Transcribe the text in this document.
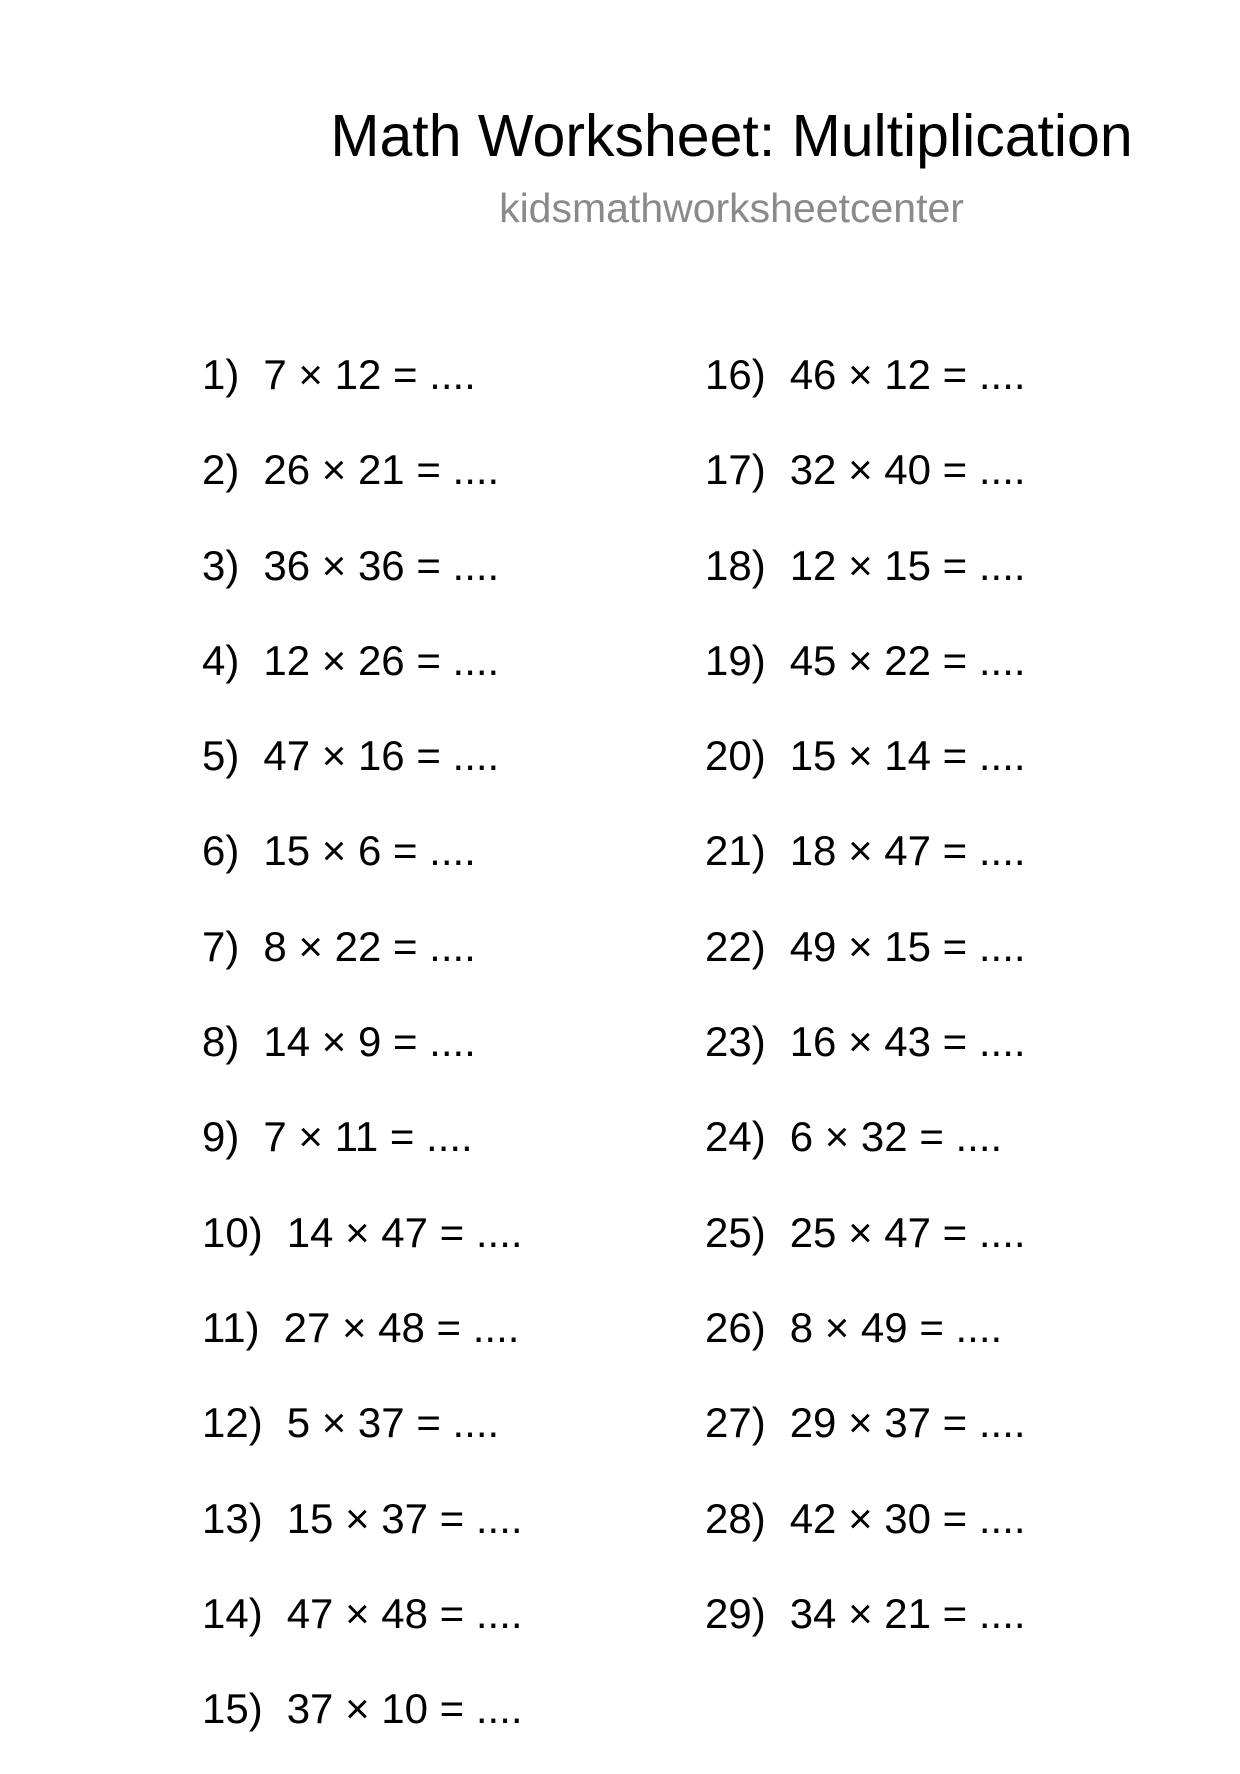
Math Worksheet: Multiplication
kidsmathworksheetcenter
1) 7 × 12 = ....
2) 26 × 21 = ....
3) 36 × 36 = ....
4) 12 × 26 = ....
5) 47 × 16 = ....
6) 15 × 6 = ....
7) 8 × 22 = ....
8) 14 × 9 = ....
9) 7 × 11 = ....
10) 14 × 47 = ....
11) 27 × 48 = ....
12) 5 × 37 = ....
13) 15 × 37 = ....
14) 47 × 48 = ....
15) 37 × 10 = ....
16) 46 × 12 = ....
17) 32 × 40 = ....
18) 12 × 15 = ....
19) 45 × 22 = ....
20) 15 × 14 = ....
21) 18 × 47 = ....
22) 49 × 15 = ....
23) 16 × 43 = ....
24) 6 × 32 = ....
25) 25 × 47 = ....
26) 8 × 49 = ....
27) 29 × 37 = ....
28) 42 × 30 = ....
29) 34 × 21 = ....
